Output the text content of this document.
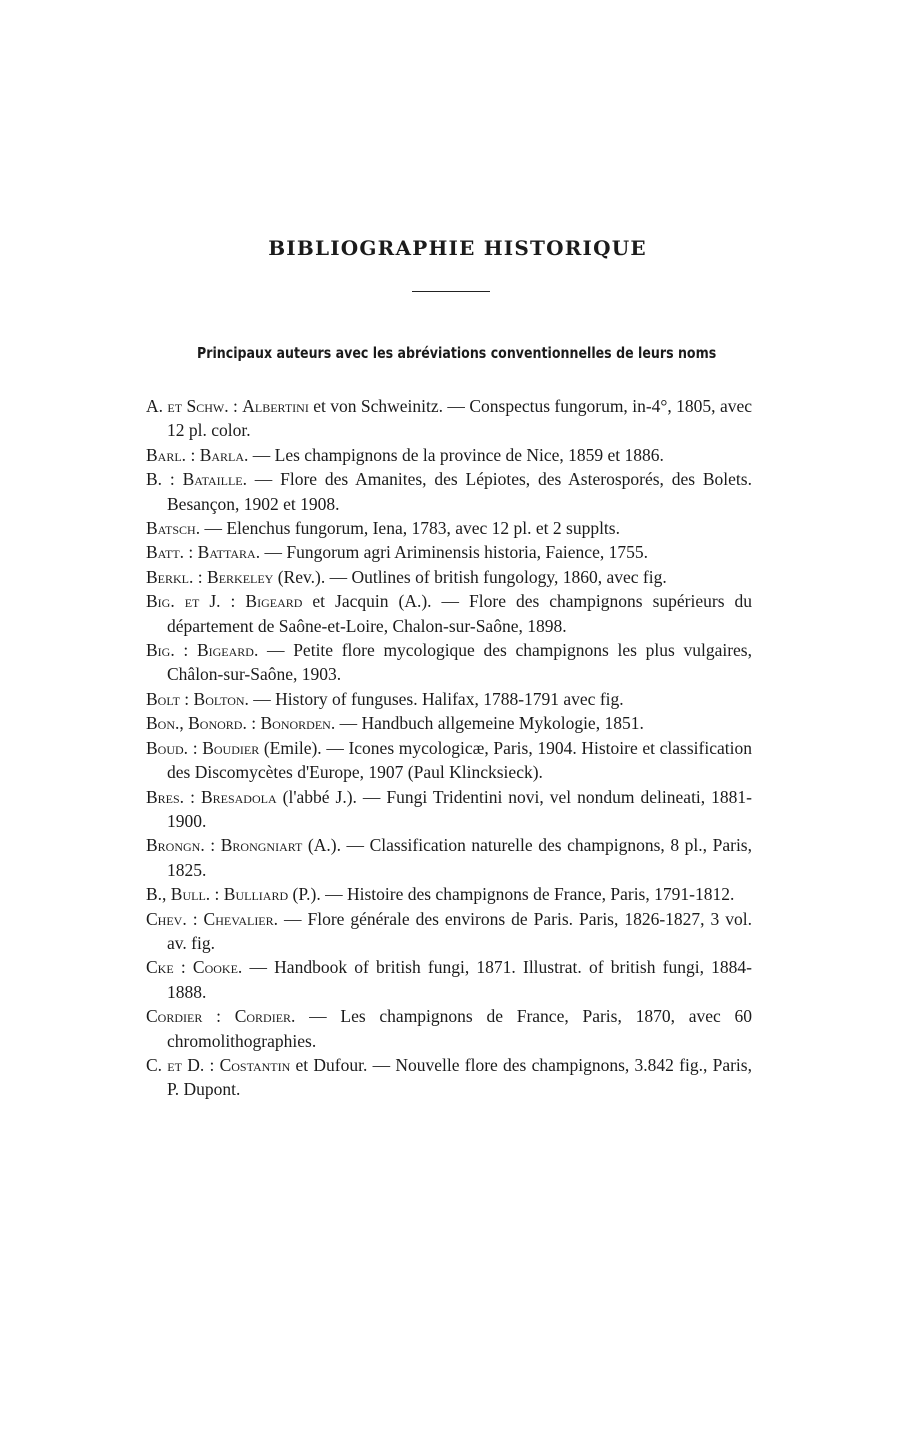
BIBLIOGRAPHIE HISTORIQUE
Principaux auteurs avec les abréviations conventionnelles de leurs noms
A. et Schw. : Albertini et von Schweinitz. — Conspectus fungorum, in-4°, 1805, avec 12 pl. color.
Barl. : Barla. — Les champignons de la province de Nice, 1859 et 1886.
B. : Bataille. — Flore des Amanites, des Lépiotes, des Asterosporés, des Bolets. Besançon, 1902 et 1908.
Batsch. — Elenchus fungorum, Iena, 1783, avec 12 pl. et 2 supplts.
Batt. : Battara. — Fungorum agri Ariminensis historia, Faience, 1755.
Berkl. : Berkeley (Rev.). — Outlines of british fungology, 1860, avec fig.
Big. et J. : Bigeard et Jacquin (A.). — Flore des champignons supérieurs du département de Saône-et-Loire, Chalon-sur-Saône, 1898.
Big. : Bigeard. — Petite flore mycologique des champignons les plus vulgaires, Châlon-sur-Saône, 1903.
Bolt : Bolton. — History of funguses. Halifax, 1788-1791 avec fig.
Bon., Bonord. : Bonorden. — Handbuch allgemeine Mykologie, 1851.
Boud. : Boudier (Emile). — Icones mycologicæ, Paris, 1904. Histoire et classification des Discomycètes d'Europe, 1907 (Paul Klincksieck).
Bres. : Bresadola (l'abbé J.). — Fungi Tridentini novi, vel nondum delineati, 1881-1900.
Brongn. : Brongniart (A.). — Classification naturelle des champignons, 8 pl., Paris, 1825.
B., Bull. : Bulliard (P.). — Histoire des champignons de France, Paris, 1791-1812.
Chev. : Chevalier. — Flore générale des environs de Paris. Paris, 1826-1827, 3 vol. av. fig.
Cke : Cooke. — Handbook of british fungi, 1871. Illustrat. of british fungi, 1884-1888.
Cordier : Cordier. — Les champignons de France, Paris, 1870, avec 60 chromolithographies.
C. et D. : Costantin et Dufour. — Nouvelle flore des champignons, 3.842 fig., Paris, P. Dupont.
